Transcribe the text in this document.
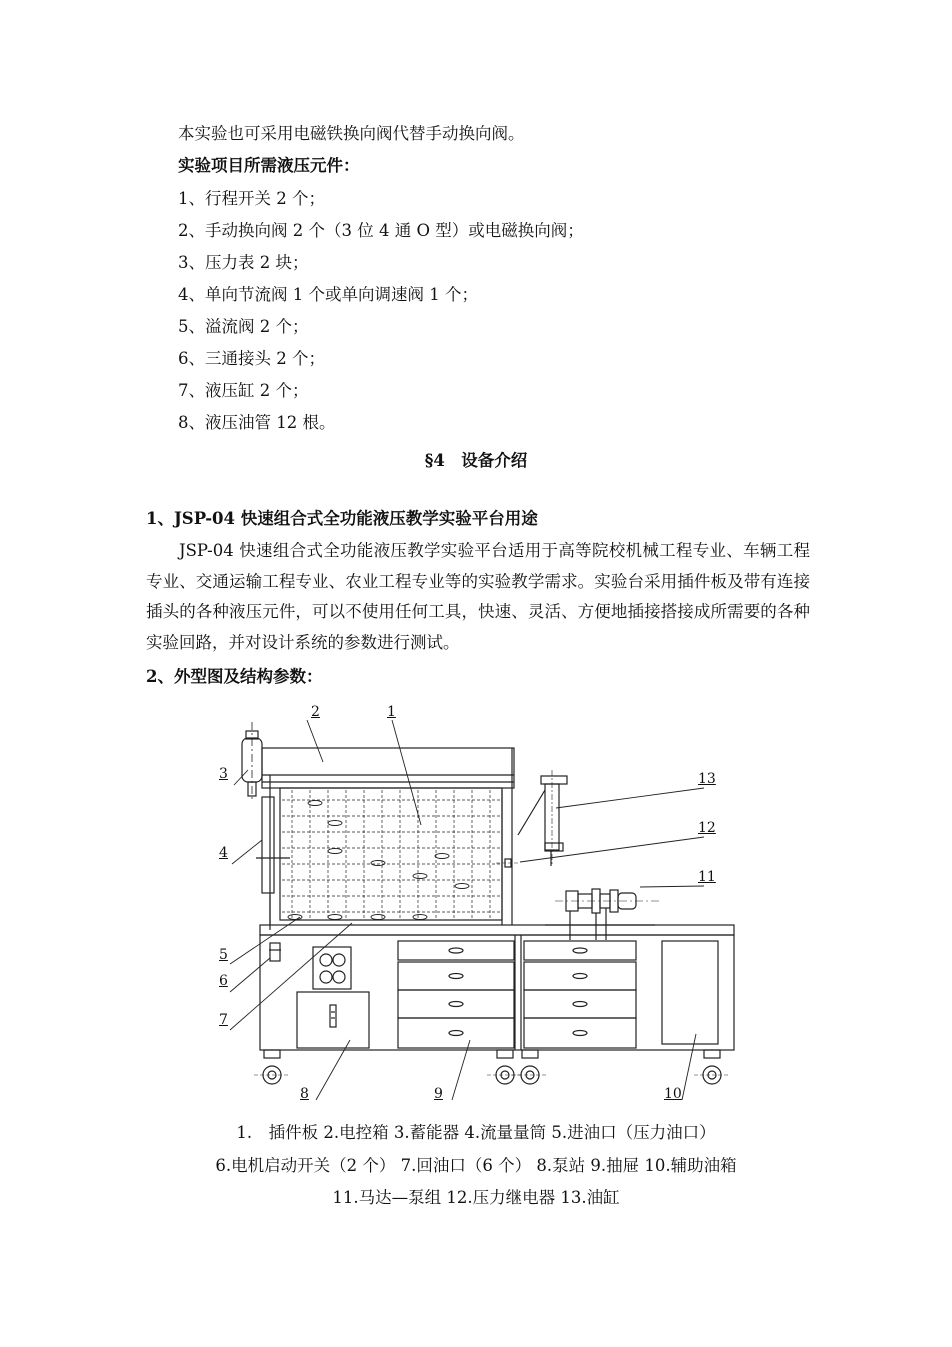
本实验也可采用电磁铁换向阀代替手动换向阀。
实验项目所需液压元件：
1、行程开关 2 个；
2、手动换向阀 2 个（3 位 4 通 O 型）或电磁换向阀；
3、压力表 2 块；
4、单向节流阀 1 个或单向调速阀 1 个；
5、溢流阀 2 个；
6、三通接头 2 个；
7、液压缸 2 个；
8、液压油管 12 根。
§4　设备介绍
1、JSP-04 快速组合式全功能液压教学实验平台用途
JSP-04 快速组合式全功能液压教学实验平台适用于高等院校机械工程专业、车辆工程专业、交通运输工程专业、农业工程专业等的实验教学需求。实验台采用插件板及带有连接插头的各种液压元件，可以不使用任何工具，快速、灵活、方便地插接搭接成所需要的各种实验回路，并对设计系统的参数进行测试。
2、外型图及结构参数：
1
2
3
4
5
6
7
8	9	10
11
12
13
1.　插件板 2.电控箱 3.蓄能器 4.流量量筒 5.进油口（压力油口）
6.电机启动开关（2 个） 7.回油口（6 个） 8.泵站 9.抽屉 10.辅助油箱
11.马达—泵组 12.压力继电器 13.油缸
